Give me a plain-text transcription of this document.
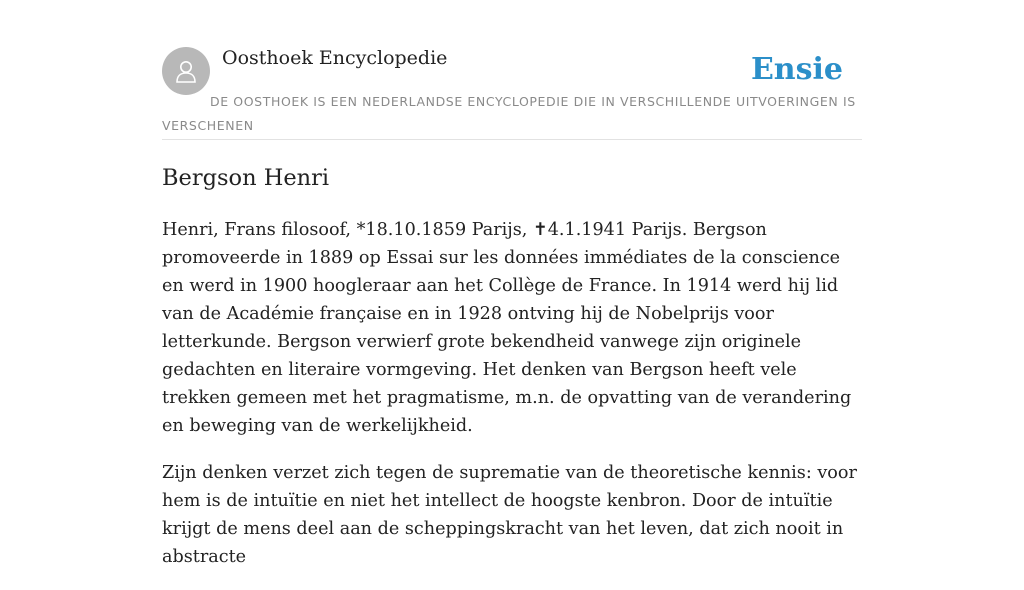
Oosthoek Encyclopedie	Ensie
DE OOSTHOEK IS EEN NEDERLANDSE ENCYCLOPEDIE DIE IN VERSCHILLENDE UITVOERINGEN IS VERSCHENEN
Bergson Henri

Henri, Frans filosoof, *18.10.1859 Parijs, ✝4.1.1941 Parijs. Bergson promoveerde in 1889 op Essai sur les données immédiates de la conscience en werd in 1900 hoogleraar aan het Collège de France. In 1914 werd hij lid van de Académie française en in 1928 ontving hij de Nobelprijs voor letterkunde. Bergson verwierf grote bekendheid vanwege zijn originele gedachten en literaire vormgeving. Het denken van Bergson heeft vele trekken gemeen met het pragmatisme, m.n. de opvatting van de verandering en beweging van de werkelijkheid.

Zijn denken verzet zich tegen de suprematie van de theoretische kennis: voor hem is de intuïtie en niet het intellect de hoogste kenbron. Door de intuïtie krijgt de mens deel aan de scheppingskracht van het leven, dat zich nooit in abstracte
